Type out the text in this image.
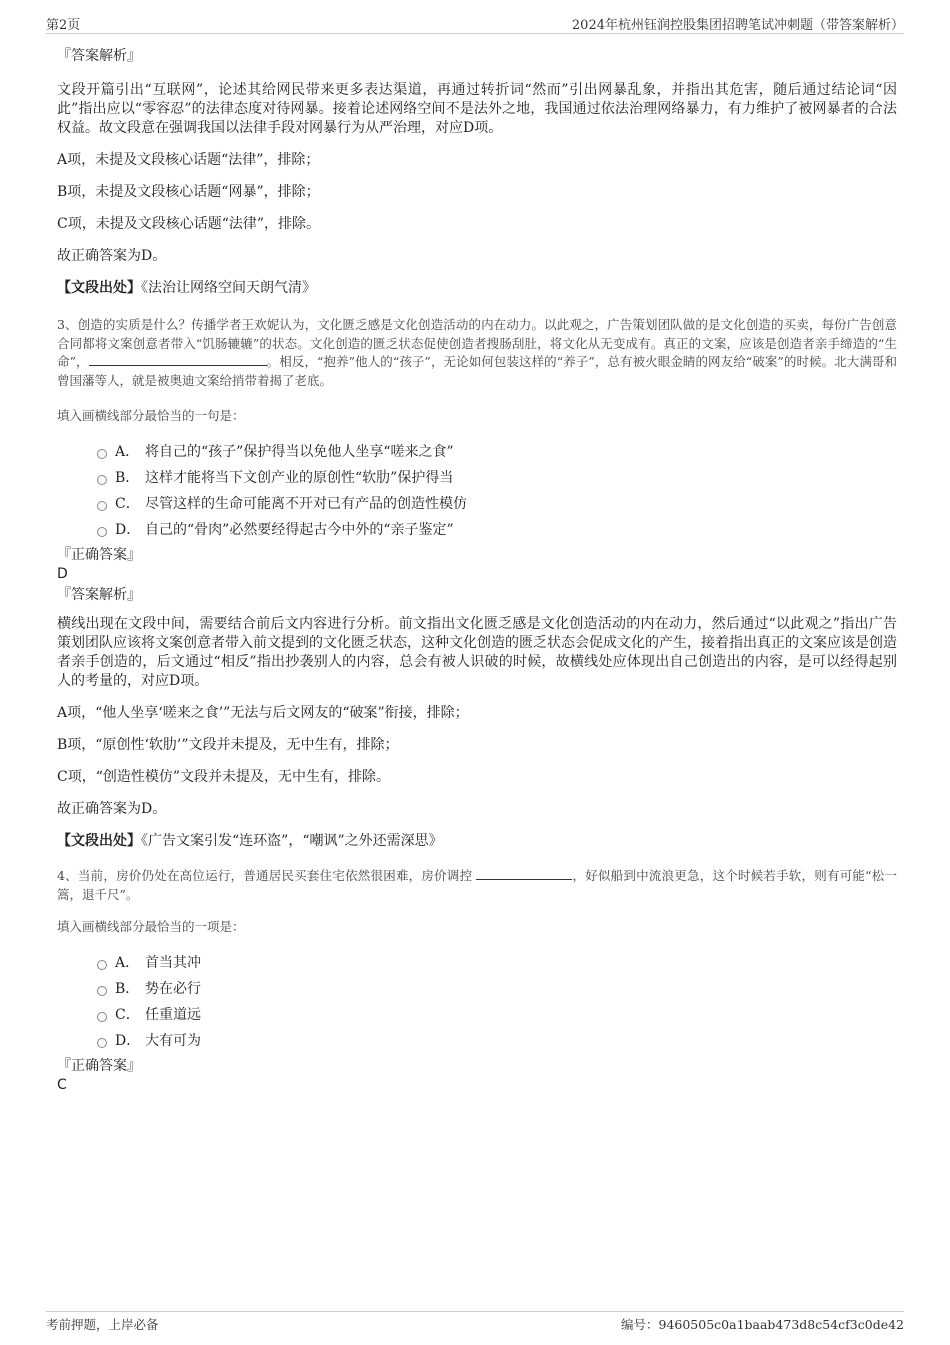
第2页	2024年杭州钰润控股集团招聘笔试冲刺题（带答案解析）
『答案解析』
文段开篇引出“互联网”，论述其给网民带来更多表达渠道，再通过转折词“然而”引出网暴乱象，并指出其危害，随后通过结论词“因此”指出应以“零容忍”的法律态度对待网暴。接着论述网络空间不是法外之地，我国通过依法治理网络暴力，有力维护了被网暴者的合法权益。故文段意在强调我国以法律手段对网暴行为从严治理，对应D项。
A项，未提及文段核心话题“法律”，排除；
B项，未提及文段核心话题“网暴”，排除；
C项，未提及文段核心话题“法律”，排除。
故正确答案为D。
【文段出处】《法治让网络空间天朗气清》
3、创造的实质是什么？传播学者王欢妮认为，文化匮乏感是文化创造活动的内在动力。以此观之，广告策划团队做的是文化创造的买卖，每份广告创意合同都将文案创意者带入“饥肠辘辘”的状态。文化创造的匮乏状态促使创造者搜肠刮肚，将文化从无变成有。真正的文案，应该是创造者亲手缔造的“生命”，	。相反，“抱养”他人的“孩子”，无论如何包装这样的“养子”，总有被火眼金睛的网友给“破案”的时候。北大满哥和曾国藩等人，就是被奥迪文案给捎带着揭了老底。
填入画横线部分最恰当的一句是：
A． 将自己的“孩子”保护得当以免他人坐享“嗟来之食”
B． 这样才能将当下文创产业的原创性“软肋”保护得当
C． 尽管这样的生命可能离不开对已有产品的创造性模仿
D． 自己的“骨肉”必然要经得起古今中外的“亲子鉴定”
『正确答案』
D
『答案解析』
横线出现在文段中间，需要结合前后文内容进行分析。前文指出文化匮乏感是文化创造活动的内在动力，然后通过“以此观之”指出广告策划团队应该将文案创意者带入前文提到的文化匮乏状态，这种文化创造的匮乏状态会促成文化的产生，接着指出真正的文案应该是创造者亲手创造的，后文通过“相反”指出抄袭别人的内容，总会有被人识破的时候，故横线处应体现出自己创造出的内容，是可以经得起别人的考量的，对应D项。
A项，“他人坐享‘嗟来之食’”无法与后文网友的“破案”衔接，排除；
B项，“原创性‘软肋’”文段并未提及，无中生有，排除；
C项，“创造性模仿”文段并未提及，无中生有，排除。
故正确答案为D。
【文段出处】《广告文案引发“连环盗”，“嘲讽”之外还需深思》
4、当前，房价仍处在高位运行，普通居民买套住宅依然很困难，房价调控	，好似船到中流浪更急，这个时候若手软，则有可能“松一篙，退千尺”。
填入画横线部分最恰当的一项是：
A． 首当其冲
B． 势在必行
C． 任重道远
D． 大有可为
『正确答案』
C
考前押题，上岸必备	编号：9460505c0a1baab473d8c54cf3c0de42
